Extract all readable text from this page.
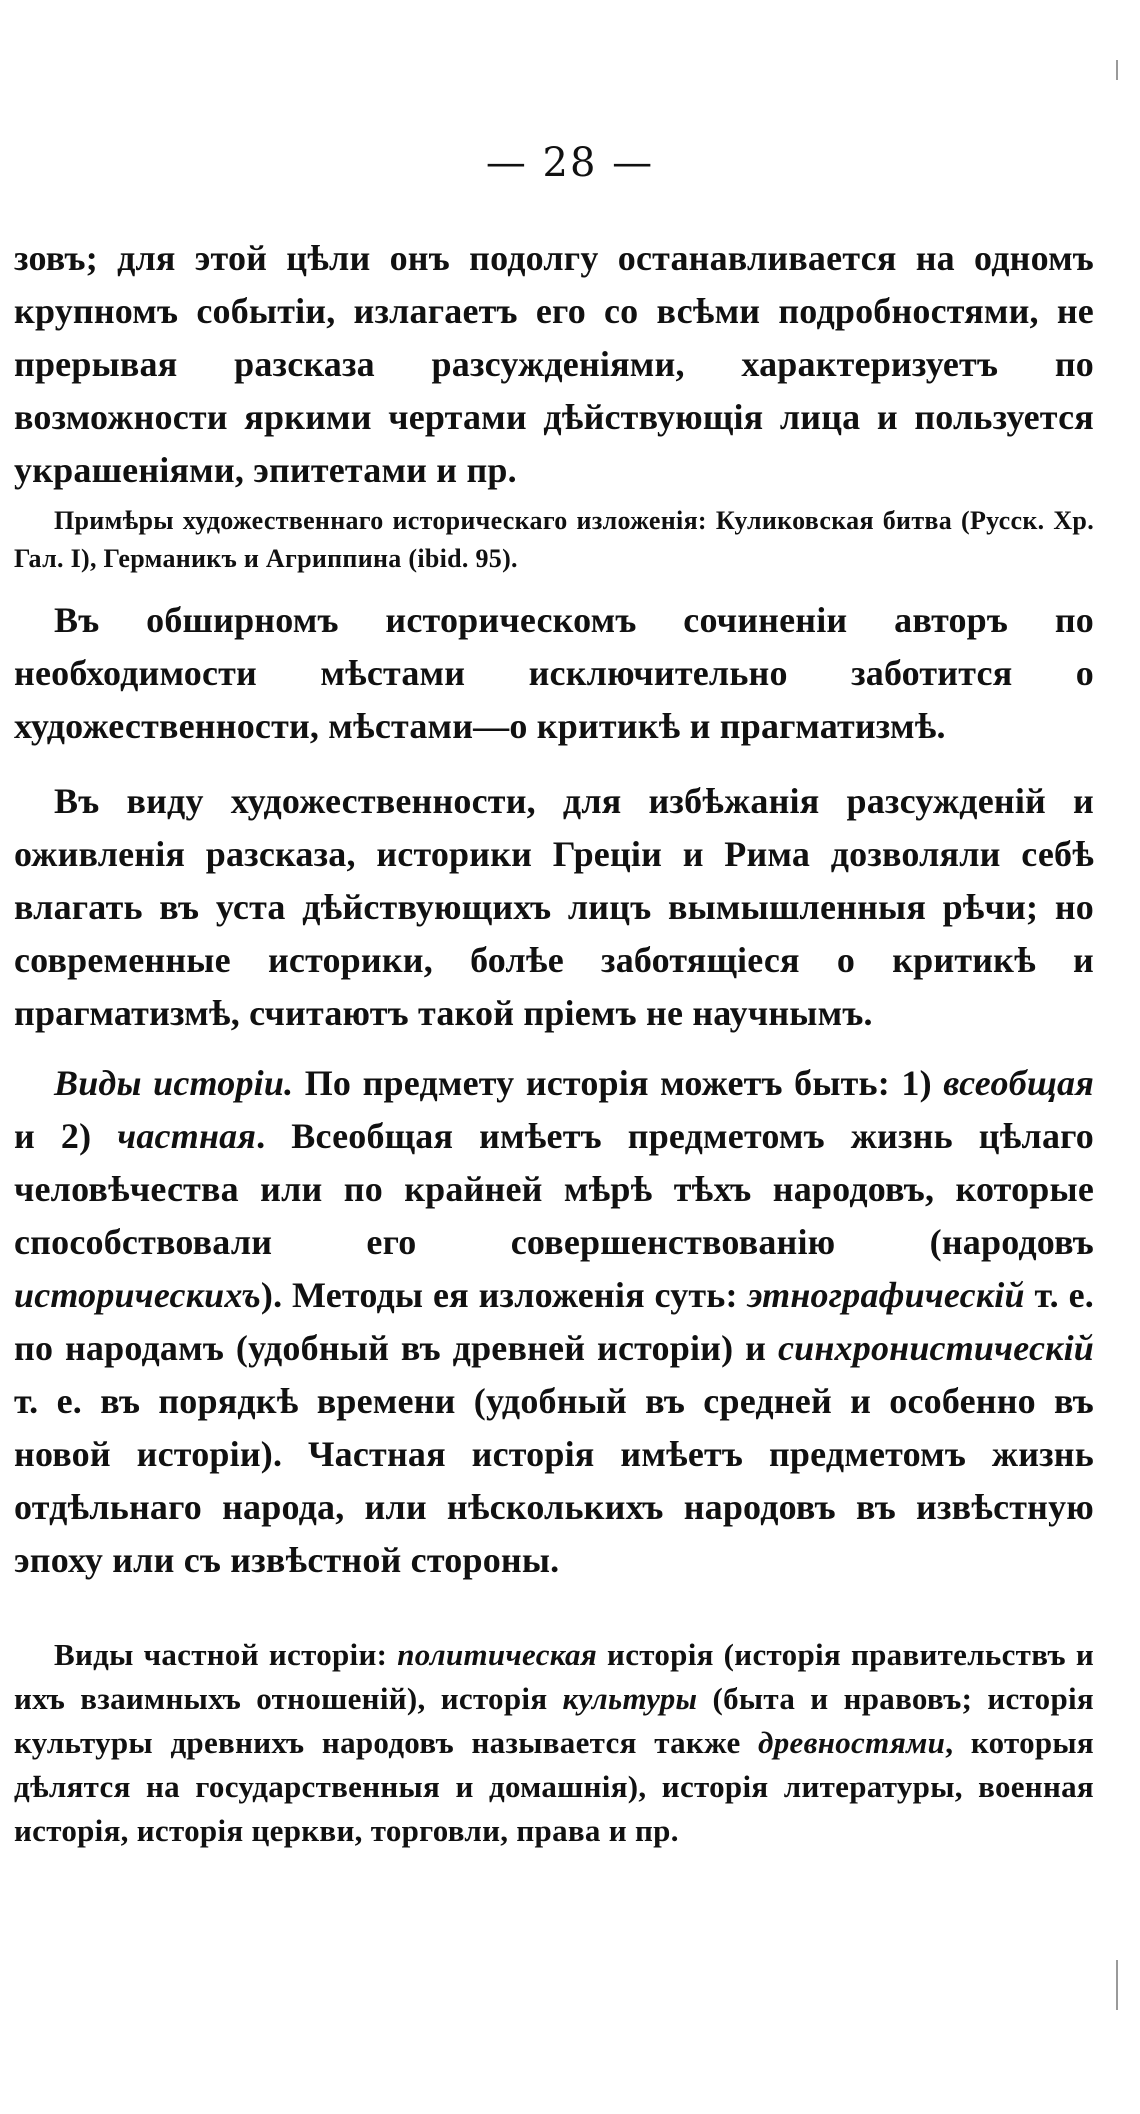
— 28 —

зовъ; для этой цѣли онъ подолгу останавливается на одномъ крупномъ событіи, излагаетъ его со всѣми подробностями, не прерывая разсказа разсужденіями, характеризуетъ по возможности яркими чертами дѣйствующія лица и пользуется украшеніями, эпитетами и пр.

Примѣры художественнаго историческаго изложенія: Куликовская битва (Русск. Хр. Гал. I), Германикъ и Агриппина (ibid. 95).

Въ обширномъ историческомъ сочиненіи авторъ по необходимости мѣстами исключительно заботится о художественности, мѣстами—о критикѣ и прагматизмѣ.

Въ виду художественности, для избѣжанія разсужденій и оживленія разсказа, историки Греціи и Рима дозволяли себѣ влагать въ уста дѣйствующихъ лицъ вымышленныя рѣчи; но современные историки, болѣе заботящіеся о критикѣ и прагматизмѣ, считаютъ такой пріемъ не научнымъ.

Виды исторіи. По предмету исторія можетъ быть: 1) всеобщая и 2) частная. Всеобщая имѣетъ предметомъ жизнь цѣлаго человѣчества или по крайней мѣрѣ тѣхъ народовъ, которые способствовали его совершенствованію (народовъ историческихъ). Методы ея изложенія суть: этнографическій т. е. по народамъ (удобный въ древней исторіи) и синхронистическій т. е. въ порядкѣ времени (удобный въ средней и особенно въ новой исторіи). Частная исторія имѣетъ предметомъ жизнь отдѣльнаго народа, или нѣсколькихъ народовъ въ извѣстную эпоху или съ извѣстной стороны.

Виды частной исторіи: политическая исторія (исторія правительствъ и ихъ взаимныхъ отношеній), исторія культуры (быта и нравовъ; исторія культуры древнихъ народовъ называется также древностями, которыя дѣлятся на государственныя и домашнія), исторія литературы, военная исторія, исторія церкви, торговли, права и пр.
